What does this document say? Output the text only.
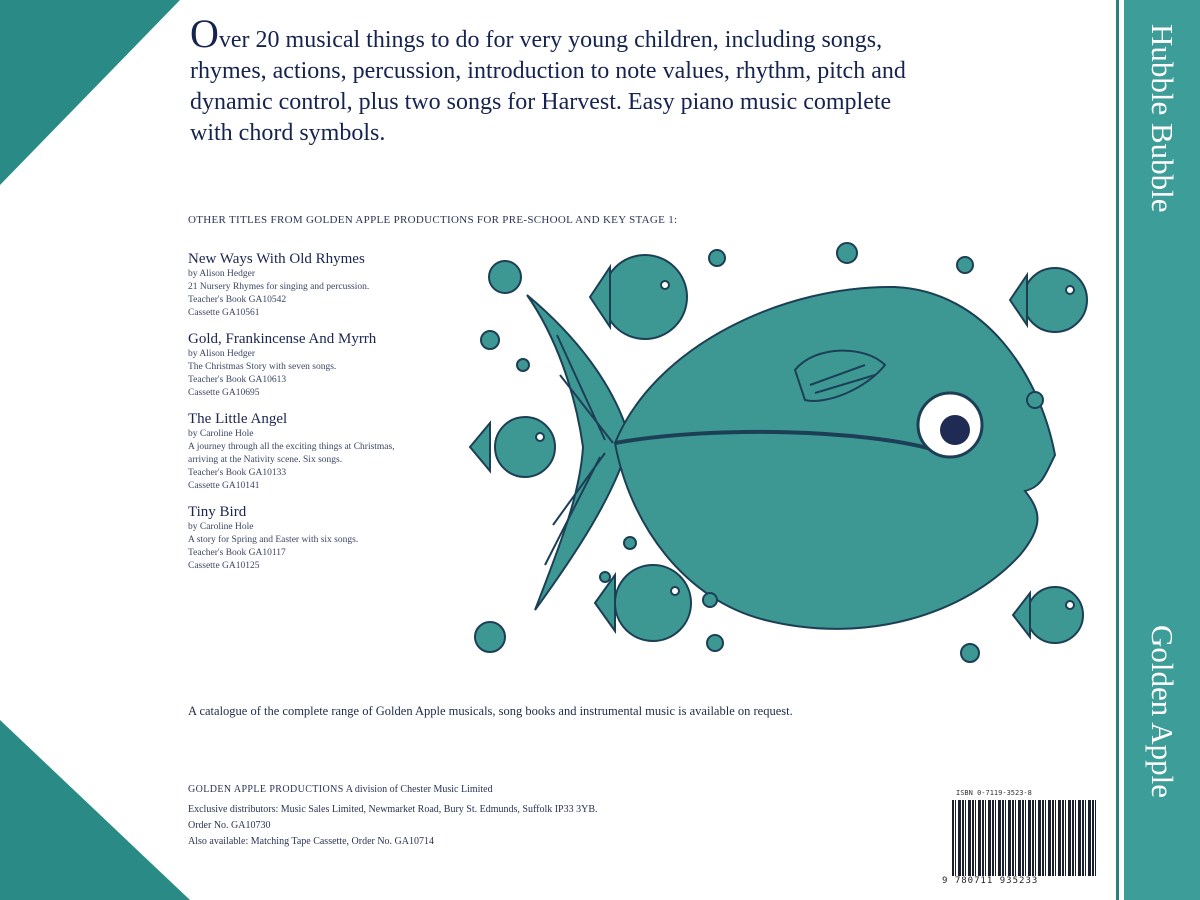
Hubble Bubble
Golden Apple
Over 20 musical things to do for very young children, including songs, rhymes, actions, percussion, introduction to note values, rhythm, pitch and dynamic control, plus two songs for Harvest. Easy piano music complete with chord symbols.
OTHER TITLES FROM GOLDEN APPLE PRODUCTIONS FOR PRE-SCHOOL AND KEY STAGE 1:
New Ways With Old Rhymes
by Alison Hedger
21 Nursery Rhymes for singing and percussion.
Teacher's Book GA10542
Cassette GA10561
Gold, Frankincense And Myrrh
by Alison Hedger
The Christmas Story with seven songs.
Teacher's Book GA10613
Cassette GA10695
The Little Angel
by Caroline Hole
A journey through all the exciting things at Christmas,
arriving at the Nativity scene. Six songs.
Teacher's Book GA10133
Cassette GA10141
Tiny Bird
by Caroline Hole
A story for Spring and Easter with six songs.
Teacher's Book GA10117
Cassette GA10125
A catalogue of the complete range of Golden Apple musicals, song books and instrumental music is available on request.
GOLDEN APPLE PRODUCTIONS A division of Chester Music Limited
Exclusive distributors: Music Sales Limited, Newmarket Road, Bury St. Edmunds, Suffolk IP33 3YB.
Order No. GA10730
Also available: Matching Tape Cassette, Order No. GA10714
ISBN 0-7119-3523-8
9 780711 935233
